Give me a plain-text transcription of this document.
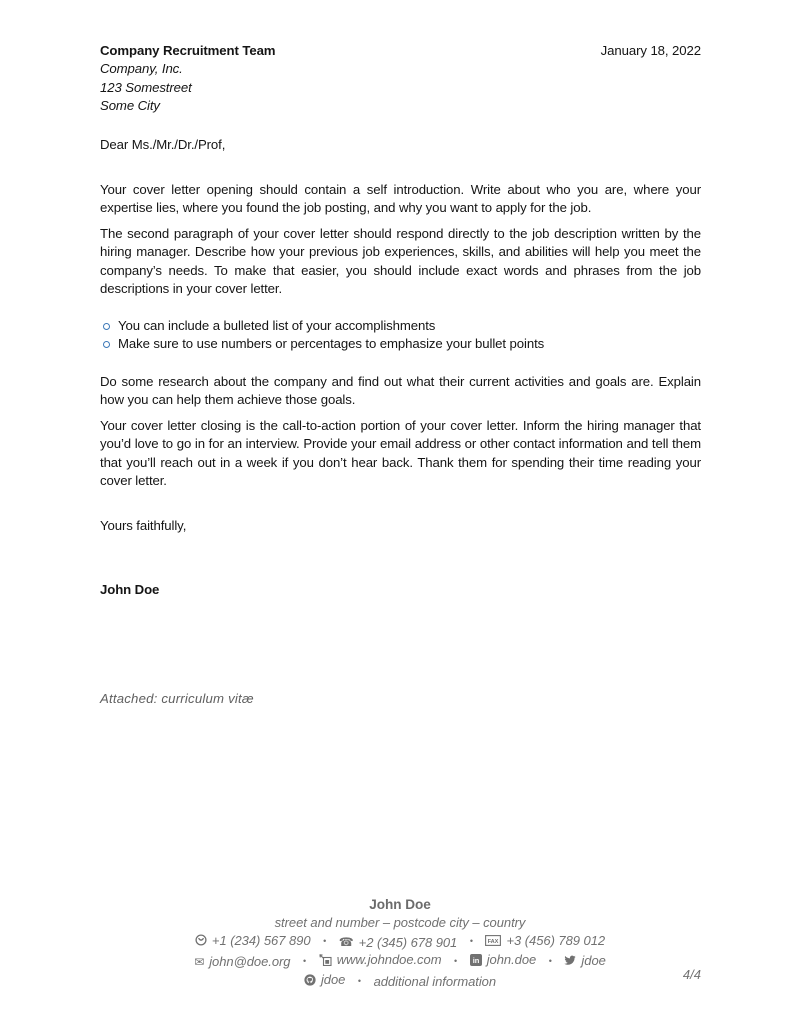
Company Recruitment Team
Company, Inc.
123 Somestreet
Some City
January 18, 2022
Dear Ms./Mr./Dr./Prof,

Your cover letter opening should contain a self introduction. Write about who you are, where your expertise lies, where you found the job posting, and why you want to apply for the job.

The second paragraph of your cover letter should respond directly to the job description written by the hiring manager. Describe how your previous job experiences, skills, and abilities will help you meet the company’s needs. To make that easier, you should include exact words and phrases from the job descriptions in your cover letter.

You can include a bulleted list of your accomplishments
Make sure to use numbers or percentages to emphasize your bullet points

Do some research about the company and find out what their current activities and goals are. Explain how you can help them achieve those goals.

Your cover letter closing is the call-to-action portion of your cover letter. Inform the hiring manager that you’d love to go in for an interview. Provide your email address or other contact information and tell them that you’ll reach out in a week if you don’t hear back. Thank them for spending their time reading your cover letter.

Yours faithfully,
John Doe
Attached: curriculum vitæ
John Doe
street and number – postcode city – country
+1 (234) 567 890 • ☎ +2 (345) 678 901 •	FAX +3 (456) 789 012
✉ john@doe.org • www.johndoe.com • in john.doe • jdoe
jdoe • additional information	4/4
